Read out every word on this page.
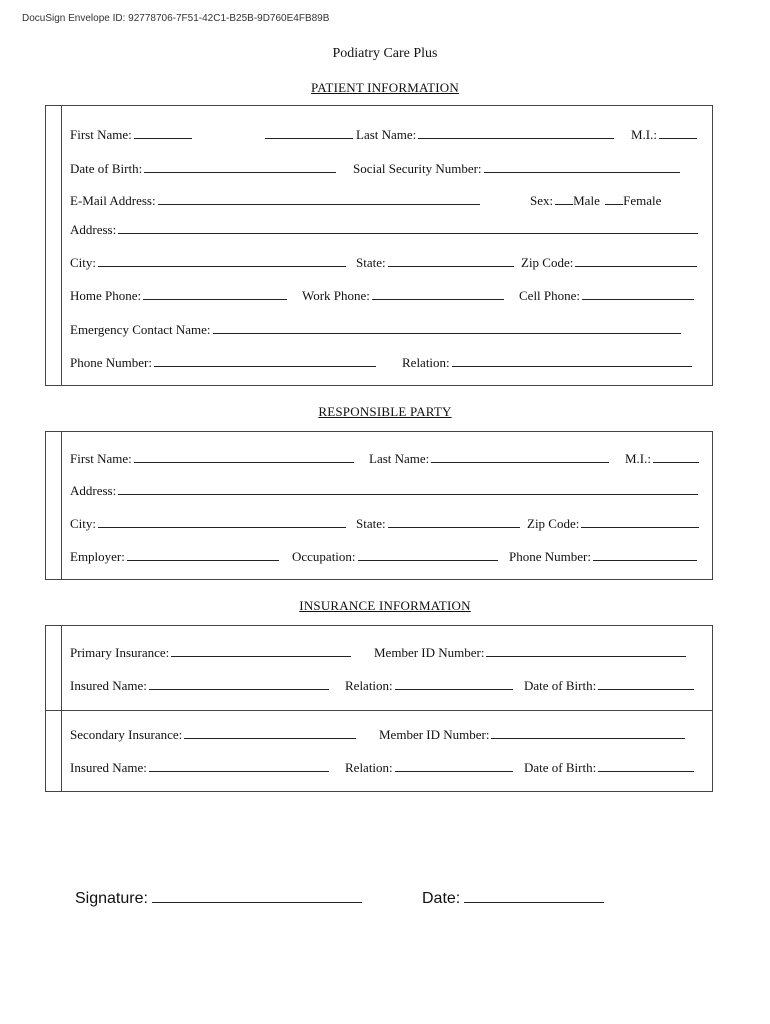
DocuSign Envelope ID: 92778706-7F51-42C1-B25B-9D760E4FB89B
Podiatry Care Plus
PATIENT INFORMATION
First Name:	Last Name:	M.I.:
Date of Birth:	Social Security Number:
E-Mail Address:	Sex: Male Female
Address:
City:	State:	Zip Code:
Home Phone:	Work Phone:	Cell Phone:
Emergency Contact Name:
Phone Number:	Relation:
RESPONSIBLE PARTY
First Name:	Last Name:	M.I.:
Address:
City:	State:	Zip Code:
Employer:	Occupation:	Phone Number:
INSURANCE INFORMATION
Primary Insurance:	Member ID Number:
Insured Name:	Relation:	Date of Birth:
Secondary Insurance:	Member ID Number:
Insured Name:	Relation:	Date of Birth:
Signature:	Date:
